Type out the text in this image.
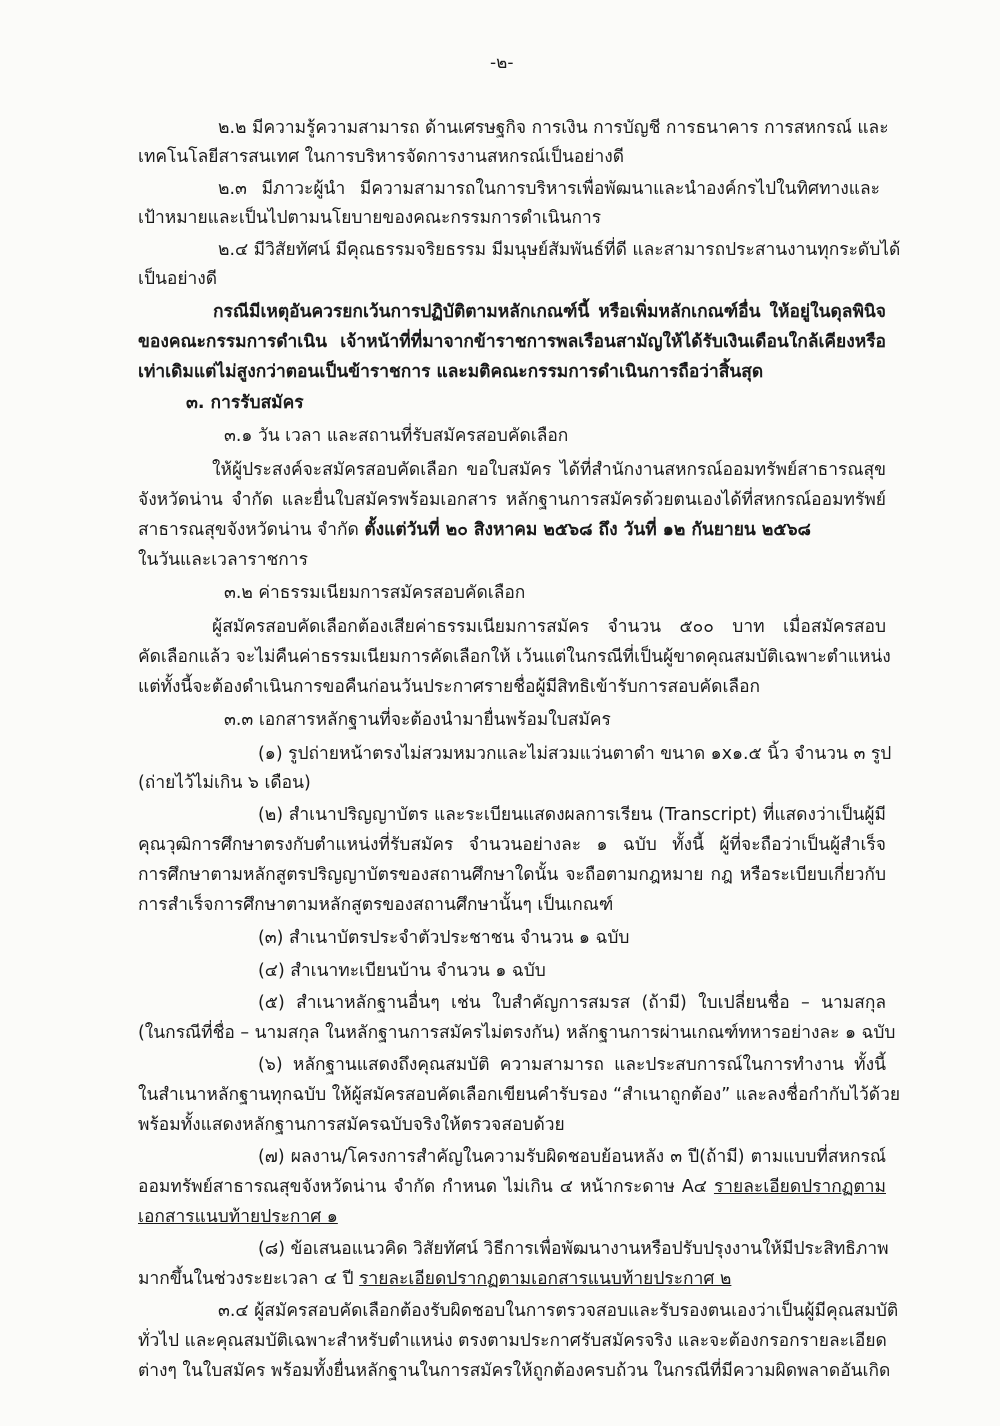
-๒-
๒.๒ มีความรู้ความสามารถ ด้านเศรษฐกิจ การเงิน การบัญชี การธนาคาร การสหกรณ์ และ
เทคโนโลยีสารสนเทศ ในการบริหารจัดการงานสหกรณ์เป็นอย่างดี
๒.๓ มีภาวะผู้นำ มีความสามารถในการบริหารเพื่อพัฒนาและนำองค์กรไปในทิศทางและ
เป้าหมายและเป็นไปตามนโยบายของคณะกรรมการดำเนินการ
๒.๔ มีวิสัยทัศน์ มีคุณธรรมจริยธรรม มีมนุษย์สัมพันธ์ที่ดี และสามารถประสานงานทุกระดับได้
เป็นอย่างดี
กรณีมีเหตุอันควรยกเว้นการปฏิบัติตามหลักเกณฑ์นี้ หรือเพิ่มหลักเกณฑ์อื่น ให้อยู่ในดุลพินิจ
ของคณะกรรมการดำเนิน เจ้าหน้าที่ที่มาจากข้าราชการพลเรือนสามัญให้ได้รับเงินเดือนใกล้เคียงหรือ
เท่าเดิมแต่ไม่สูงกว่าตอนเป็นข้าราชการ และมติคณะกรรมการดำเนินการถือว่าสิ้นสุด
๓. การรับสมัคร
๓.๑ วัน เวลา และสถานที่รับสมัครสอบคัดเลือก
ให้ผู้ประสงค์จะสมัครสอบคัดเลือก ขอใบสมัคร ได้ที่สำนักงานสหกรณ์ออมทรัพย์สาธารณสุข
จังหวัดน่าน จำกัด และยื่นใบสมัครพร้อมเอกสาร หลักฐานการสมัครด้วยตนเองได้ที่สหกรณ์ออมทรัพย์
สาธารณสุขจังหวัดน่าน จำกัด ตั้งแต่วันที่ ๒๐ สิงหาคม ๒๕๖๘ ถึง วันที่ ๑๒ กันยายน ๒๕๖๘
ในวันและเวลาราชการ
๓.๒ ค่าธรรมเนียมการสมัครสอบคัดเลือก
ผู้สมัครสอบคัดเลือกต้องเสียค่าธรรมเนียมการสมัคร จำนวน ๕๐๐ บาท เมื่อสมัครสอบ
คัดเลือกแล้ว จะไม่คืนค่าธรรมเนียมการคัดเลือกให้ เว้นแต่ในกรณีที่เป็นผู้ขาดคุณสมบัติเฉพาะตำแหน่ง
แต่ทั้งนี้จะต้องดำเนินการขอคืนก่อนวันประกาศรายชื่อผู้มีสิทธิเข้ารับการสอบคัดเลือก
๓.๓ เอกสารหลักฐานที่จะต้องนำมายื่นพร้อมใบสมัคร
(๑) รูปถ่ายหน้าตรงไม่สวมหมวกและไม่สวมแว่นตาดำ ขนาด ๑x๑.๕ นิ้ว จำนวน ๓ รูป
(ถ่ายไว้ไม่เกิน ๖ เดือน)
(๒) สำเนาปริญญาบัตร และระเบียนแสดงผลการเรียน (Transcript) ที่แสดงว่าเป็นผู้มี
คุณวุฒิการศึกษาตรงกับตำแหน่งที่รับสมัคร จำนวนอย่างละ ๑ ฉบับ ทั้งนี้ ผู้ที่จะถือว่าเป็นผู้สำเร็จ
การศึกษาตามหลักสูตรปริญญาบัตรของสถานศึกษาใดนั้น จะถือตามกฎหมาย กฎ หรือระเบียบเกี่ยวกับ
การสำเร็จการศึกษาตามหลักสูตรของสถานศึกษานั้นๆ เป็นเกณฑ์
(๓) สำเนาบัตรประจำตัวประชาชน จำนวน ๑ ฉบับ
(๔) สำเนาทะเบียนบ้าน จำนวน ๑ ฉบับ
(๕) สำเนาหลักฐานอื่นๆ เช่น ใบสำคัญการสมรส (ถ้ามี) ใบเปลี่ยนชื่อ – นามสกุล
(ในกรณีที่ชื่อ – นามสกุล ในหลักฐานการสมัครไม่ตรงกัน) หลักฐานการผ่านเกณฑ์ทหารอย่างละ ๑ ฉบับ
(๖) หลักฐานแสดงถึงคุณสมบัติ ความสามารถ และประสบการณ์ในการทำงาน ทั้งนี้
ในสำเนาหลักฐานทุกฉบับ ให้ผู้สมัครสอบคัดเลือกเขียนคำรับรอง “สำเนาถูกต้อง” และลงชื่อกำกับไว้ด้วย
พร้อมทั้งแสดงหลักฐานการสมัครฉบับจริงให้ตรวจสอบด้วย
(๗) ผลงาน/โครงการสำคัญในความรับผิดชอบย้อนหลัง ๓ ปี(ถ้ามี) ตามแบบที่สหกรณ์
ออมทรัพย์สาธารณสุขจังหวัดน่าน จำกัด กำหนด ไม่เกิน ๔ หน้ากระดาษ A๔ รายละเอียดปรากฏตาม
เอกสารแนบท้ายประกาศ ๑
(๘) ข้อเสนอแนวคิด วิสัยทัศน์ วิธีการเพื่อพัฒนางานหรือปรับปรุงงานให้มีประสิทธิภาพ
มากขึ้นในช่วงระยะเวลา ๔ ปี รายละเอียดปรากฏตามเอกสารแนบท้ายประกาศ ๒
๓.๔ ผู้สมัครสอบคัดเลือกต้องรับผิดชอบในการตรวจสอบและรับรองตนเองว่าเป็นผู้มีคุณสมบัติ
ทั่วไป และคุณสมบัติเฉพาะสำหรับตำแหน่ง ตรงตามประกาศรับสมัครจริง และจะต้องกรอกรายละเอียด
ต่างๆ ในใบสมัคร พร้อมทั้งยื่นหลักฐานในการสมัครให้ถูกต้องครบถ้วน ในกรณีที่มีความผิดพลาดอันเกิด
